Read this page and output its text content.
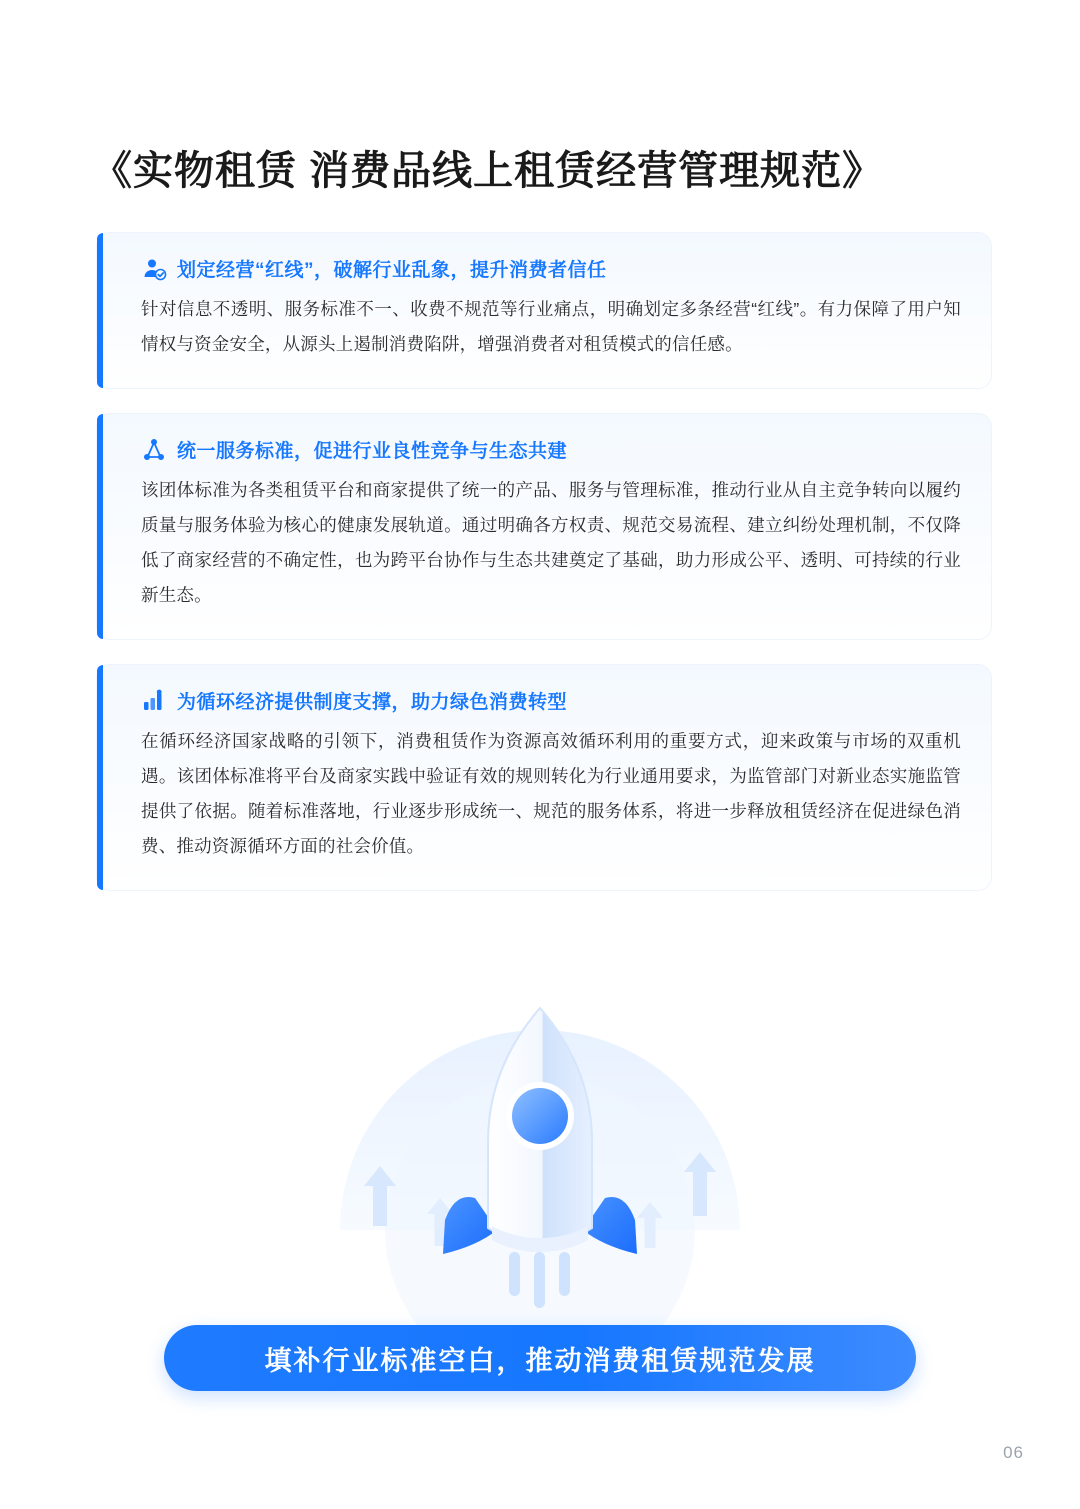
《实物租赁 消费品线上租赁经营管理规范》
划定经营“红线”，破解行业乱象，提升消费者信任
针对信息不透明、服务标准不一、收费不规范等行业痛点，明确划定多条经营“红线”。有力保障了用户知情权与资金安全，从源头上遏制消费陷阱，增强消费者对租赁模式的信任感。
统一服务标准，促进行业良性竞争与生态共建
该团体标准为各类租赁平台和商家提供了统一的产品、服务与管理标准，推动行业从自主竞争转向以履约质量与服务体验为核心的健康发展轨道。通过明确各方权责、规范交易流程、建立纠纷处理机制，不仅降低了商家经营的不确定性，也为跨平台协作与生态共建奠定了基础，助力形成公平、透明、可持续的行业新生态。
为循环经济提供制度支撑，助力绿色消费转型
在循环经济国家战略的引领下，消费租赁作为资源高效循环利用的重要方式，迎来政策与市场的双重机遇。该团体标准将平台及商家实践中验证有效的规则转化为行业通用要求，为监管部门对新业态实施监管提供了依据。随着标准落地，行业逐步形成统一、规范的服务体系，将进一步释放租赁经济在促进绿色消费、推动资源循环方面的社会价值。
填补行业标准空白，推动消费租赁规范发展
06
